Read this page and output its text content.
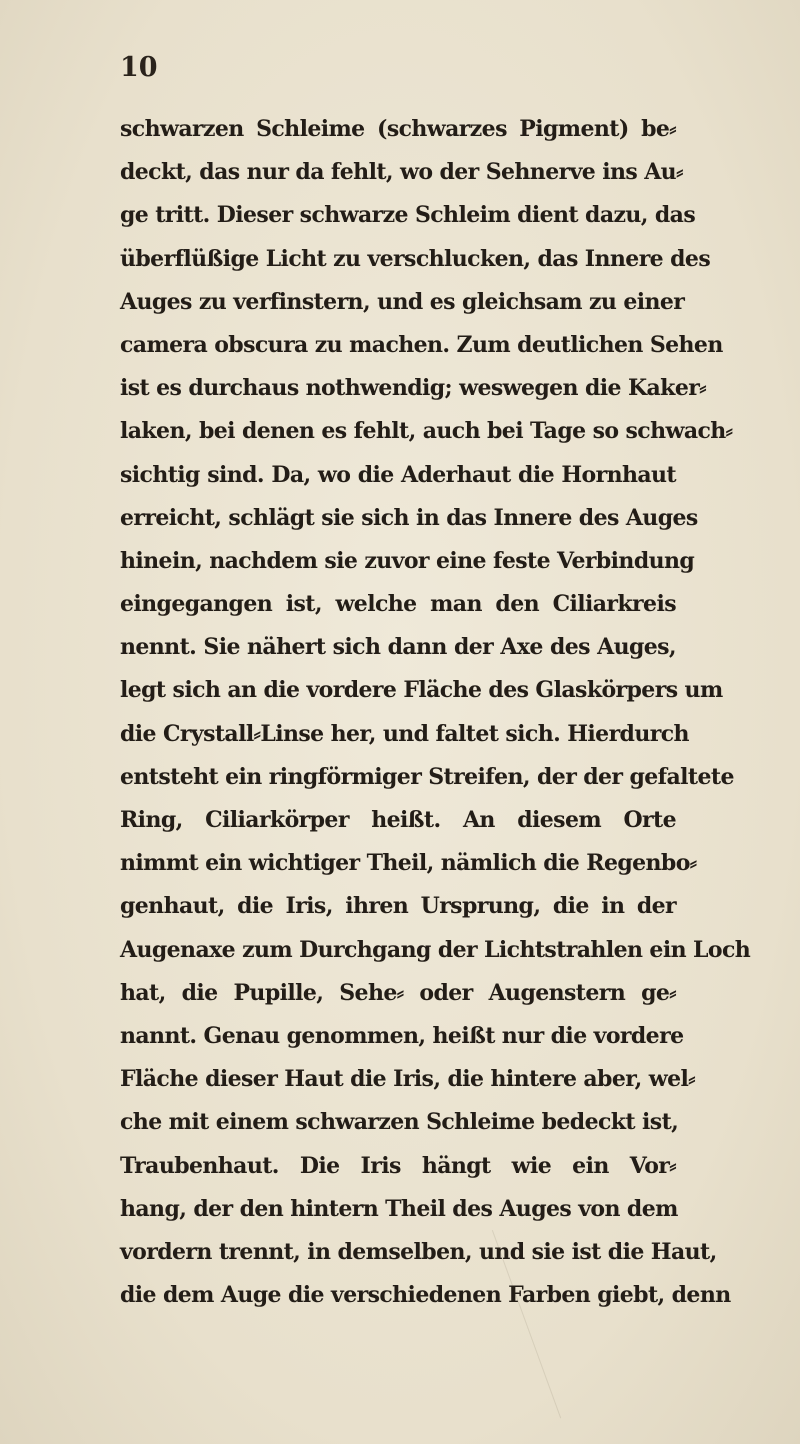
10
schwarzen Schleime (schwarzes Pigment) be⸗
deckt, das nur da fehlt, wo der Sehnerve ins Au⸗
ge tritt. Dieser schwarze Schleim dient dazu, das
überflüßige Licht zu verschlucken, das Innere des
Auges zu verfinstern, und es gleichsam zu einer
camera obscura zu machen. Zum deutlichen Sehen
ist es durchaus nothwendig; weswegen die Kaker⸗
laken, bei denen es fehlt, auch bei Tage so schwach⸗
sichtig sind. Da, wo die Aderhaut die Hornhaut
erreicht, schlägt sie sich in das Innere des Auges
hinein, nachdem sie zuvor eine feste Verbindung
eingegangen ist, welche man den Ciliarkreis
nennt. Sie nähert sich dann der Axe des Auges,
legt sich an die vordere Fläche des Glaskörpers um
die Crystall⸗Linse her, und faltet sich. Hierdurch
entsteht ein ringförmiger Streifen, der der gefaltete
Ring, Ciliarkörper heißt. An diesem Orte
nimmt ein wichtiger Theil, nämlich die Regenbo⸗
genhaut, die Iris, ihren Ursprung, die in der
Augenaxe zum Durchgang der Lichtstrahlen ein Loch
hat, die Pupille, Sehe⸗ oder Augenstern ge⸗
nannt. Genau genommen, heißt nur die vordere
Fläche dieser Haut die Iris, die hintere aber, wel⸗
che mit einem schwarzen Schleime bedeckt ist,
Traubenhaut. Die Iris hängt wie ein Vor⸗
hang, der den hintern Theil des Auges von dem
vordern trennt, in demselben, und sie ist die Haut,
die dem Auge die verschiedenen Farben giebt, denn
